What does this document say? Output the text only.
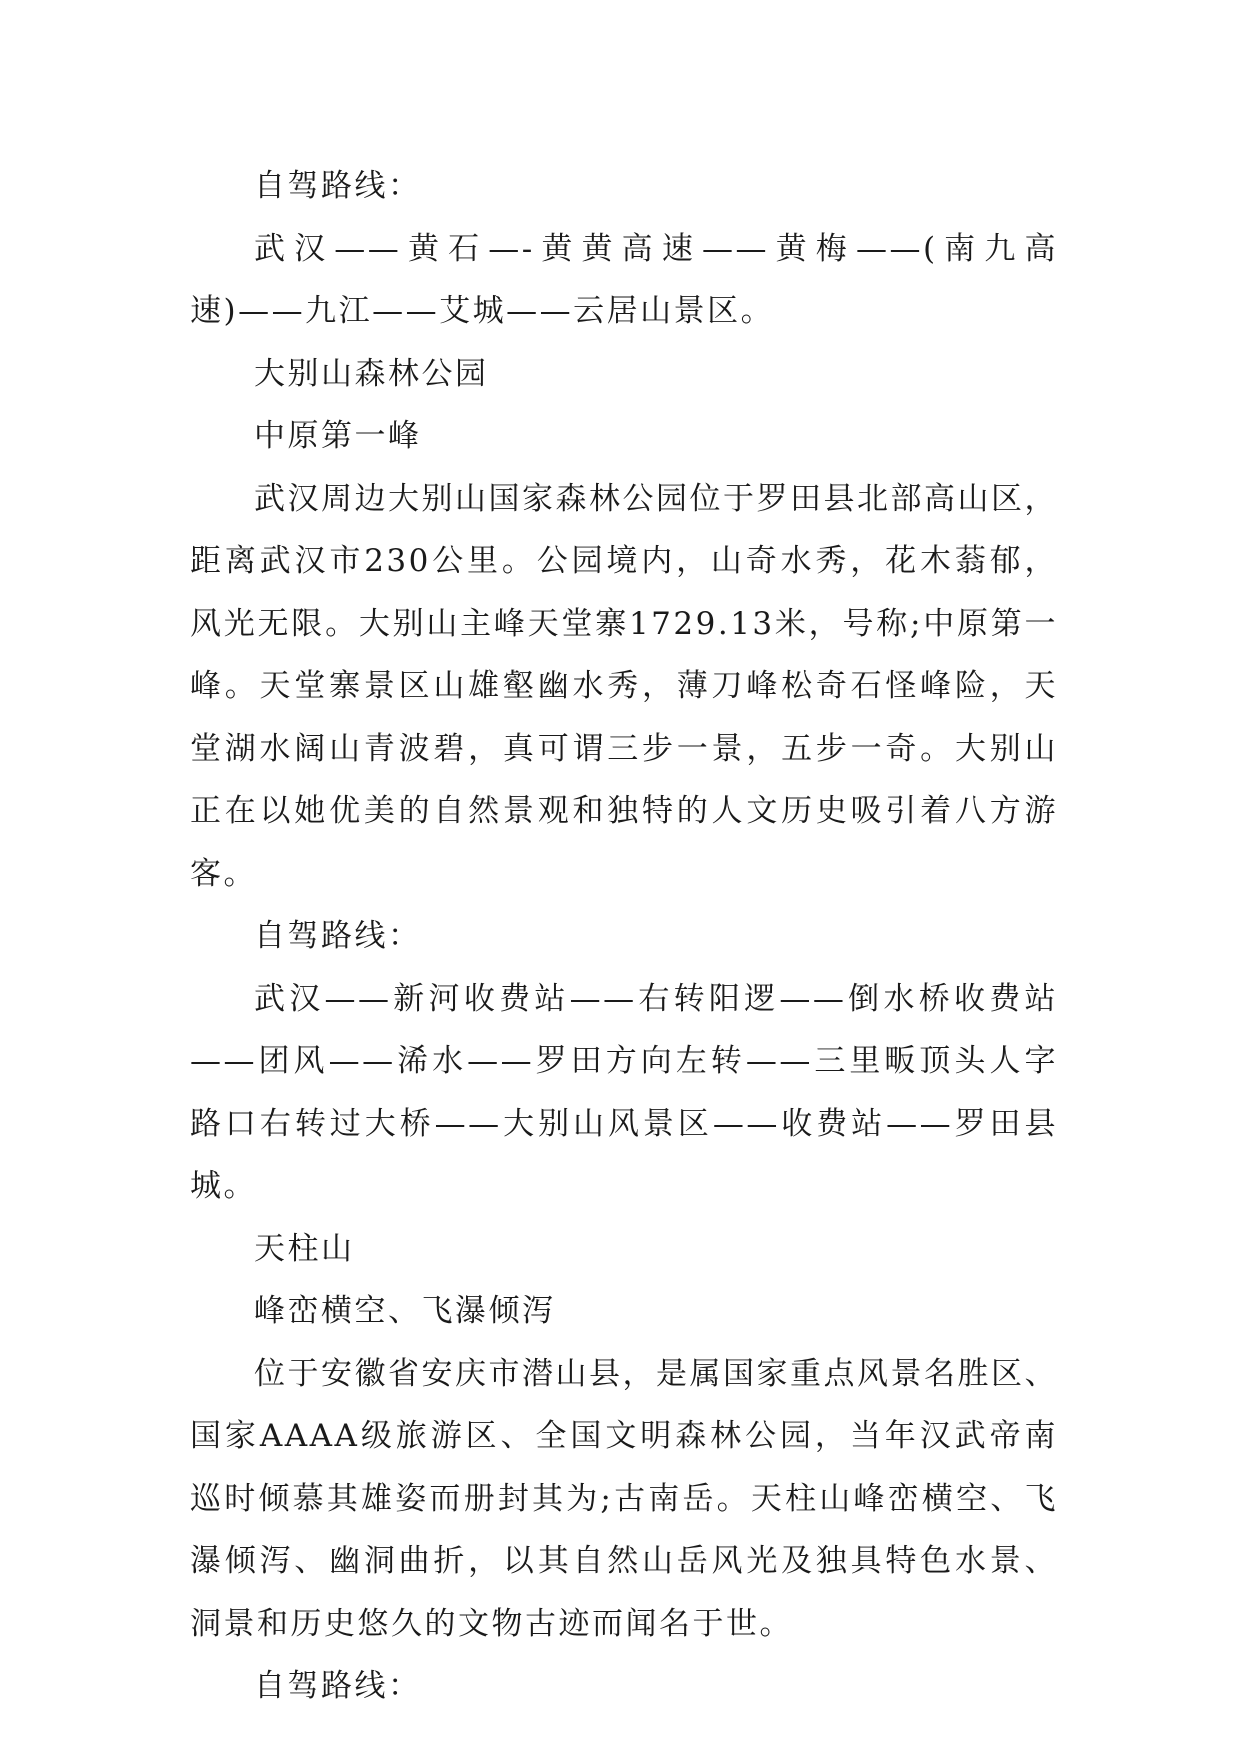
自驾路线：

武汉——黄石—-黄黄高速——黄梅——(南九高

速)——九江——艾城——云居山景区。

大别山森林公园

中原第一峰

武汉周边大别山国家森林公园位于罗田县北部高山区，距离武汉市230公里。公园境内，山奇水秀，花木蓊郁，风光无限。大别山主峰天堂寨1729.13米，号称;中原第一峰。天堂寨景区山雄壑幽水秀，薄刀峰松奇石怪峰险，天堂湖水阔山青波碧，真可谓三步一景，五步一奇。大别山正在以她优美的自然景观和独特的人文历史吸引着八方游客。

自驾路线：

武汉——新河收费站——右转阳逻——倒水桥收费站——团风——浠水——罗田方向左转——三里畈顶头人字路口右转过大桥——大别山风景区——收费站——罗田县城。

天柱山

峰峦横空、飞瀑倾泻

位于安徽省安庆市潜山县，是属国家重点风景名胜区、国家AAAA级旅游区、全国文明森林公园，当年汉武帝南巡时倾慕其雄姿而册封其为;古南岳。天柱山峰峦横空、飞瀑倾泻、幽洞曲折，以其自然山岳风光及独具特色水景、洞景和历史悠久的文物古迹而闻名于世。

自驾路线：
